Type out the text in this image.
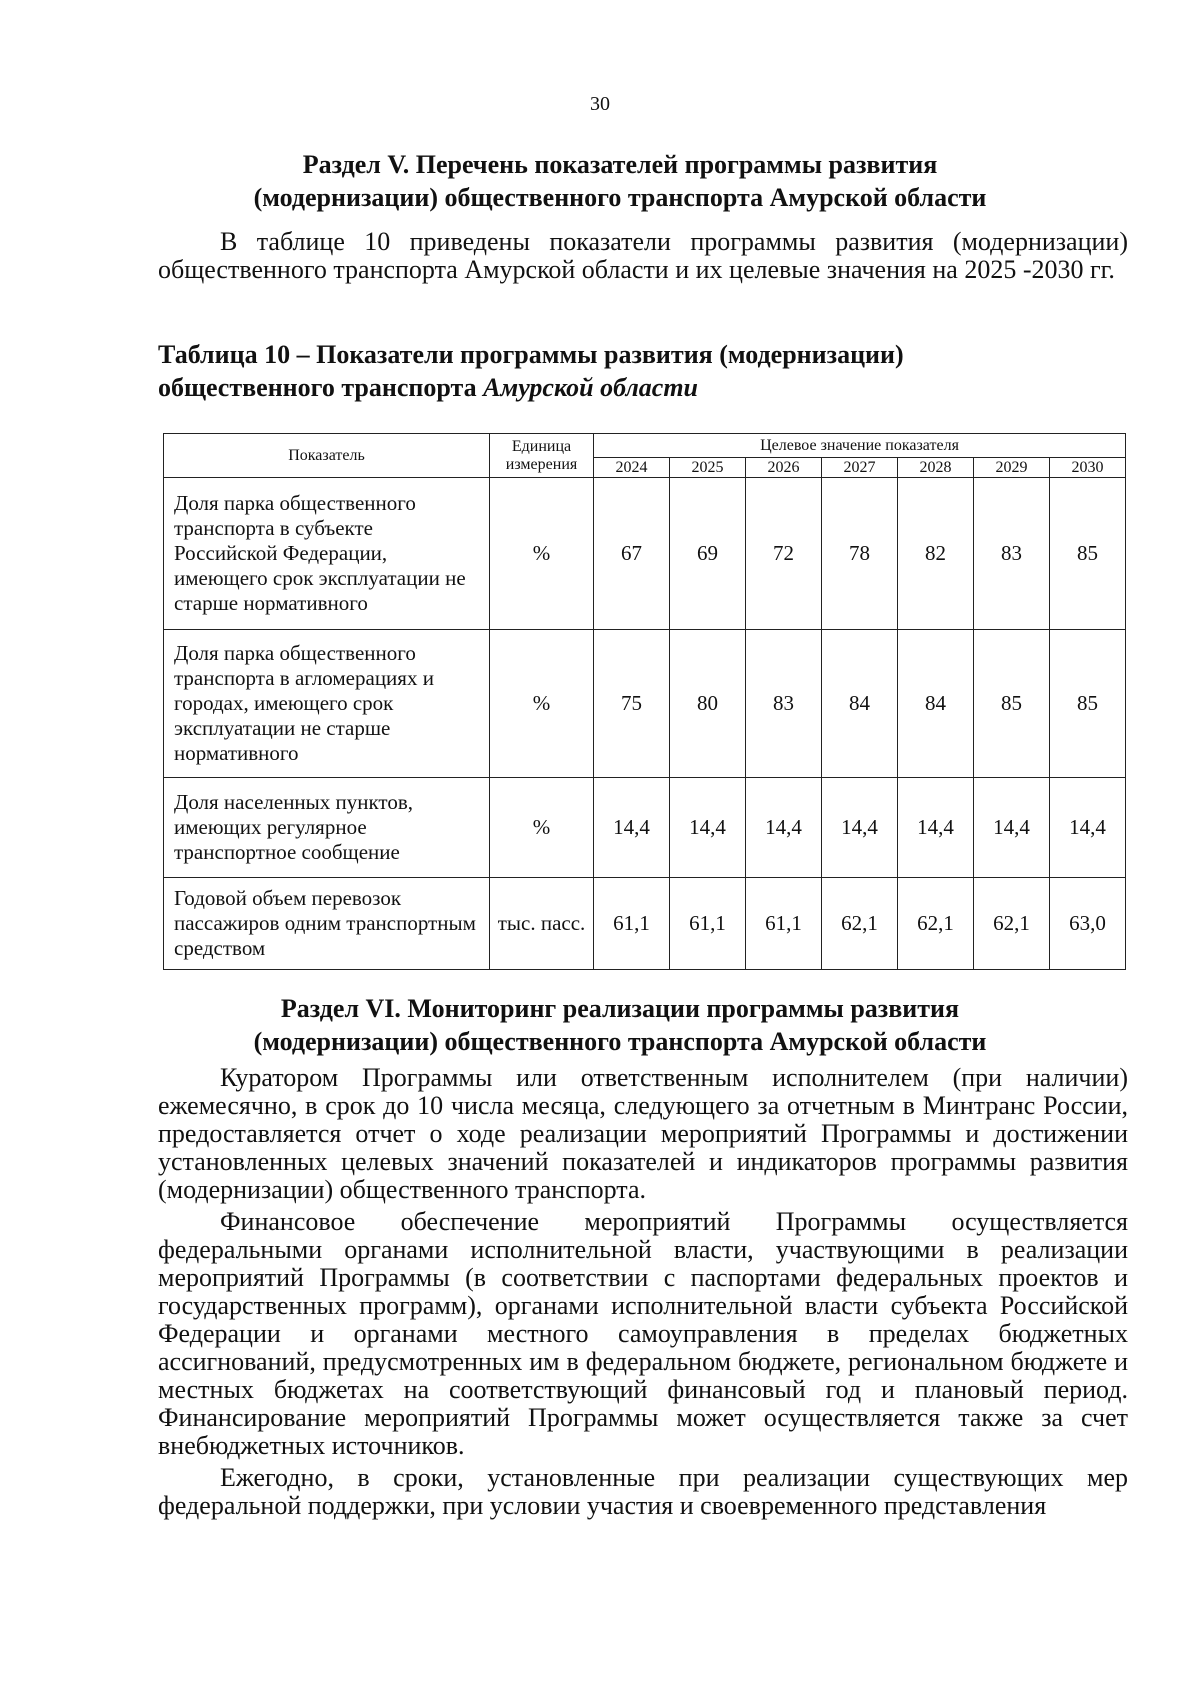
30
Раздел V. Перечень показателей программы развития
(модернизации) общественного транспорта Амурской области
В таблице 10 приведены показатели программы развития (модернизации) общественного транспорта Амурской области и их целевые значения на 2025 -2030 гг.
Таблица 10 – Показатели программы развития (модернизации) общественного транспорта Амурской области
Показатель	Единица измерения	Целевое значение показателя						
		2024	2025	2026	2027	2028	2029	2030
Доля парка общественного транспорта в субъекте Российской Федерации, имеющего срок эксплуатации не старше нормативного	%	67	69	72	78	82	83	85
Доля парка общественного транспорта в агломерациях и городах, имеющего срок эксплуатации не старше нормативного	%	75	80	83	84	84	85	85
Доля населенных пунктов, имеющих регулярное транспортное сообщение	%	14,4	14,4	14,4	14,4	14,4	14,4	14,4
Годовой объем перевозок пассажиров одним транспортным средством	тыс. пасс.	61,1	61,1	61,1	62,1	62,1	62,1	63,0
Раздел VI. Мониторинг реализации программы развития
(модернизации) общественного транспорта Амурской области
Куратором Программы или ответственным исполнителем (при наличии) ежемесячно, в срок до 10 числа месяца, следующего за отчетным в Минтранс России, предоставляется отчет о ходе реализации мероприятий Программы и достижении установленных целевых значений показателей и индикаторов программы развития (модернизации) общественного транспорта.
Финансовое обеспечение мероприятий Программы осуществляется федеральными органами исполнительной власти, участвующими в реализации мероприятий Программы (в соответствии с паспортами федеральных проектов и государственных программ), органами исполнительной власти субъекта Российской Федерации и органами местного самоуправления в пределах бюджетных ассигнований, предусмотренных им в федеральном бюджете, региональном бюджете и местных бюджетах на соответствующий финансовый год и плановый период. Финансирование мероприятий Программы может осуществляется также за счет внебюджетных источников.
Ежегодно, в сроки, установленные при реализации существующих мер федеральной поддержки, при условии участия и своевременного представления
